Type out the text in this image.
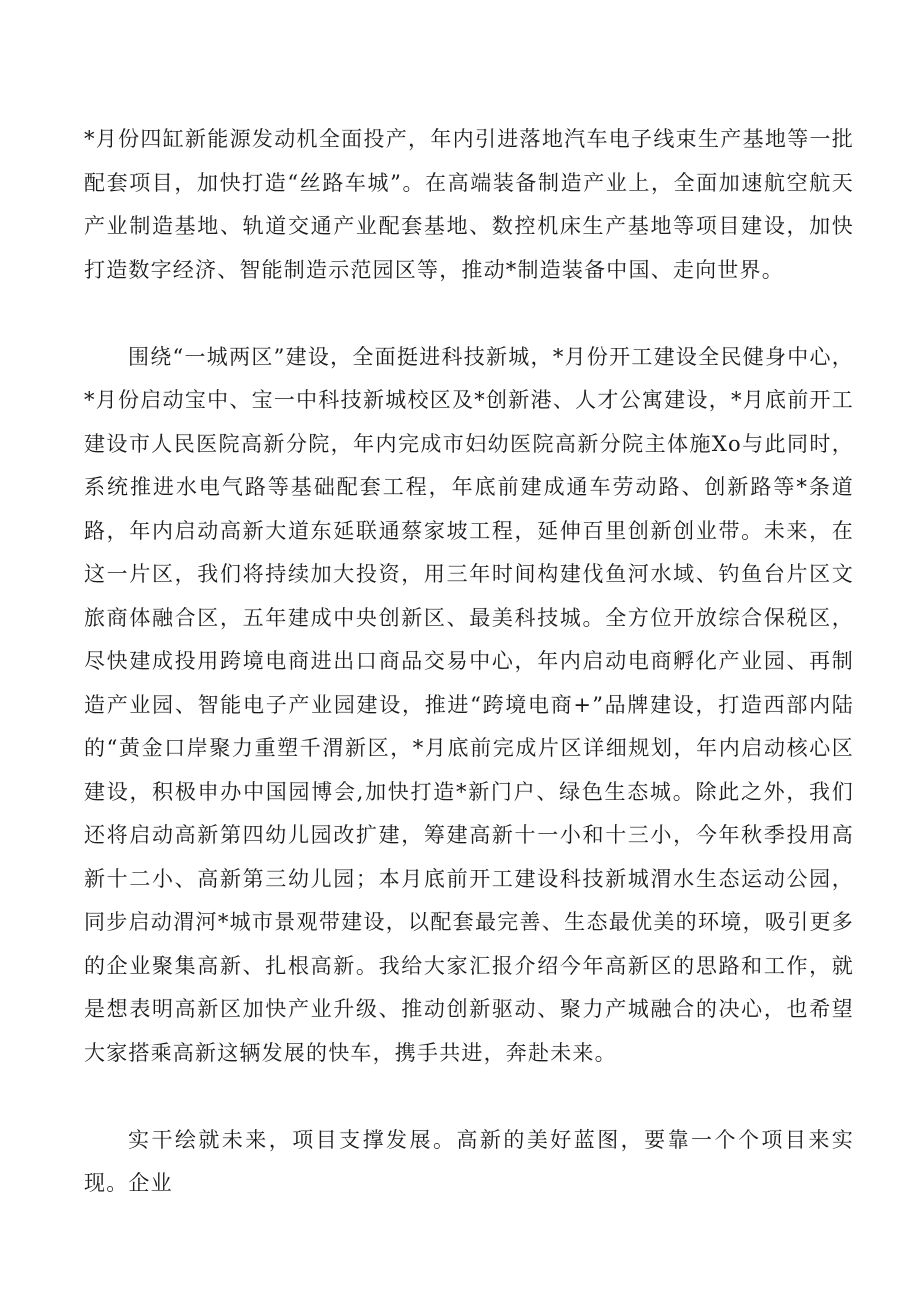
*月份四缸新能源发动机全面投产，年内引进落地汽车电子线束生产基地等一批配套项目，加快打造“丝路车城”。在高端装备制造产业上，全面加速航空航天产业制造基地、轨道交通产业配套基地、数控机床生产基地等项目建设，加快打造数字经济、智能制造示范园区等，推动*制造装备中国、走向世界。

围绕“一城两区”建设，全面挺进科技新城，*月份开工建设全民健身中心，*月份启动宝中、宝一中科技新城校区及*创新港、人才公寓建设，*月底前开工建设市人民医院高新分院，年内完成市妇幼医院高新分院主体施Xo与此同时，系统推进水电气路等基础配套工程，年底前建成通车劳动路、创新路等*条道路，年内启动高新大道东延联通蔡家坡工程，延伸百里创新创业带。未来，在这一片区，我们将持续加大投资，用三年时间构建伐鱼河水域、钓鱼台片区文旅商体融合区，五年建成中央创新区、最美科技城。全方位开放综合保税区，尽快建成投用跨境电商进出口商品交易中心，年内启动电商孵化产业园、再制造产业园、智能电子产业园建设，推进“跨境电商+”品牌建设，打造西部内陆的“黄金口岸聚力重塑千渭新区，*月底前完成片区详细规划，年内启动核心区建设，积极申办中国园博会,加快打造*新门户、绿色生态城。除此之外，我们还将启动高新第四幼儿园改扩建，筹建高新十一小和十三小，今年秋季投用高新十二小、高新第三幼儿园；本月底前开工建设科技新城渭水生态运动公园，同步启动渭河*城市景观带建设，以配套最完善、生态最优美的环境，吸引更多的企业聚集高新、扎根高新。我给大家汇报介绍今年高新区的思路和工作，就是想表明高新区加快产业升级、推动创新驱动、聚力产城融合的决心，也希望大家搭乘高新这辆发展的快车，携手共进，奔赴未来。

实干绘就未来，项目支撑发展。高新的美好蓝图，要靠一个个项目来实现。企业
